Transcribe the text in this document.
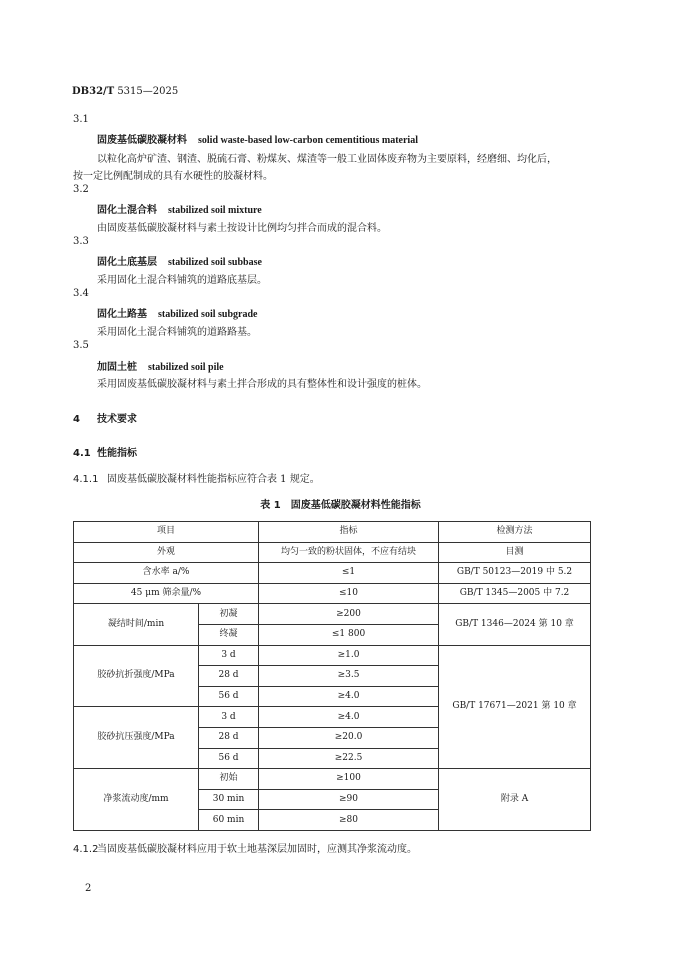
DB32/T 5315—2025
3.1
固废基低碳胶凝材料 solid waste-based low-carbon cementitious material
以粒化高炉矿渣、钢渣、脱硫石膏、粉煤灰、煤渣等一般工业固体废弃物为主要原料，经磨细、均化后，
按一定比例配制成的具有水硬性的胶凝材料。
3.2
固化土混合料 stabilized soil mixture
由固废基低碳胶凝材料与素土按设计比例均匀拌合而成的混合料。
3.3
固化土底基层 stabilized soil subbase
采用固化土混合料铺筑的道路底基层。
3.4
固化土路基 stabilized soil subgrade
采用固化土混合料铺筑的道路路基。
3.5
加固土桩 stabilized soil pile
采用固废基低碳胶凝材料与素土拌合形成的具有整体性和设计强度的桩体。
4 技术要求
4.1 性能指标
4.1.1 固废基低碳胶凝材料性能指标应符合表 1 规定。
表 1　固废基低碳胶凝材料性能指标
项目		指标	检测方法
外观		均匀一致的粉状固体，不应有结块	目测
含水率 a/%		≤1	GB/T 50123—2019 中 5.2
45 μm 筛余量/%		≤10	GB/T 1345—2005 中 7.2
凝结时间/min	初凝	≥200	GB/T 1346—2024 第 10 章
	终凝	≤1 800	
胶砂抗折强度/MPa	3 d	≥1.0	GB/T 17671—2021 第 10 章
	28 d	≥3.5	
	56 d	≥4.0	
胶砂抗压强度/MPa	3 d	≥4.0	
	28 d	≥20.0	
	56 d	≥22.5	
净浆流动度/mm	初始	≥100	附录 A
	30 min	≥90	
	60 min	≥80	
4.1.2当固废基低碳胶凝材料应用于软土地基深层加固时，应测其净浆流动度。
2
